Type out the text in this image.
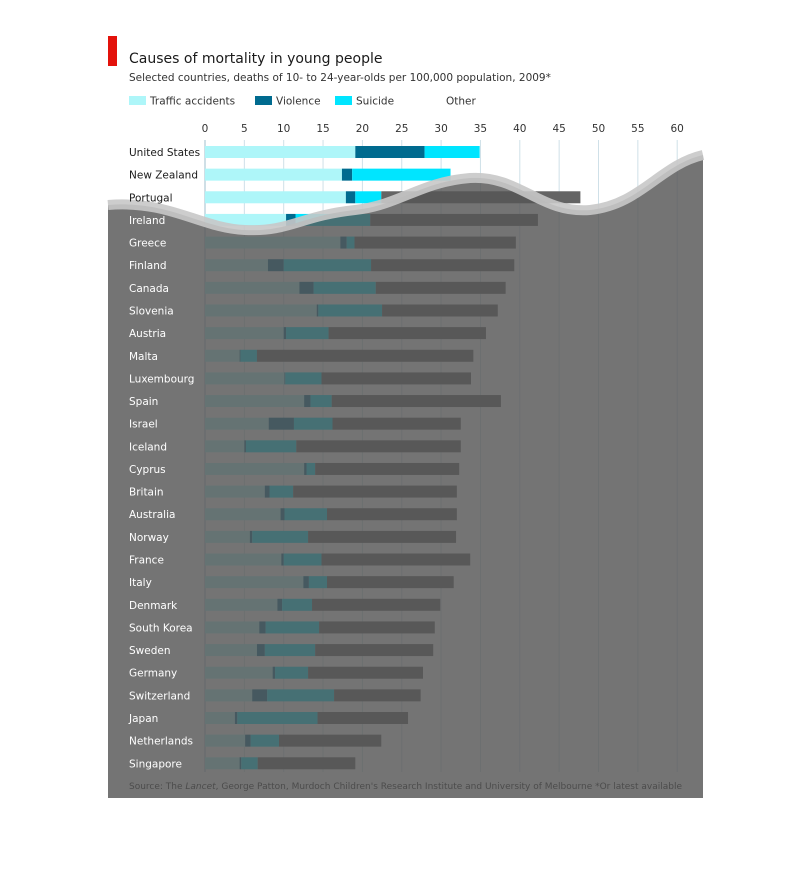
Causes of mortality in young people
Selected countries, deaths of 10- to 24-year-olds per 100,000 population, 2009*
Traffic accidents	Violence	Suicide	Other
0	5	10 15 20 25 30 35 40 45 50 55 60
United States
New Zealand
Portugal
Ireland
Greece
Finland
Canada
Slovenia
Austria
Malta
Luxembourg
Spain
Israel
Iceland
Cyprus
Britain
Australia
Norway
France
Italy
Denmark
South Korea
Sweden
Germany
Switzerland
Japan
Netherlands
Singapore
